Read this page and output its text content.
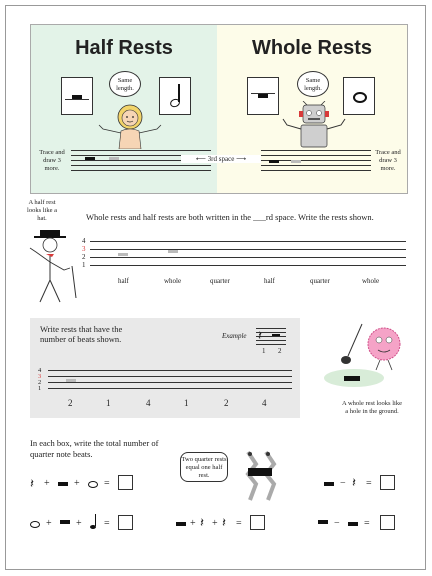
Half Rests	Whole Rests
Same length.
Same length.
Trace and draw 3 more.
⟵ 3rd space ⟶
Trace and draw 3 more.
A half rest looks like a hat.	Whole rests and half rests are both written in the ___rd space. Write the rests shown.
4
3
2
1
half	whole	quarter	half	quarter	whole
Write rests that have the number of beats shown.	Example 𝄽
1 2
4
3
2
1
2	1	4	1	2	4	A whole rest looks like a hole in the ground.
In each box, write the total number of quarter note beats.
Two quarter rests equal one half rest.
𝄽 + + =	− 𝄽 =
+ + =	+ 𝄽 + 𝄽 =	− =
